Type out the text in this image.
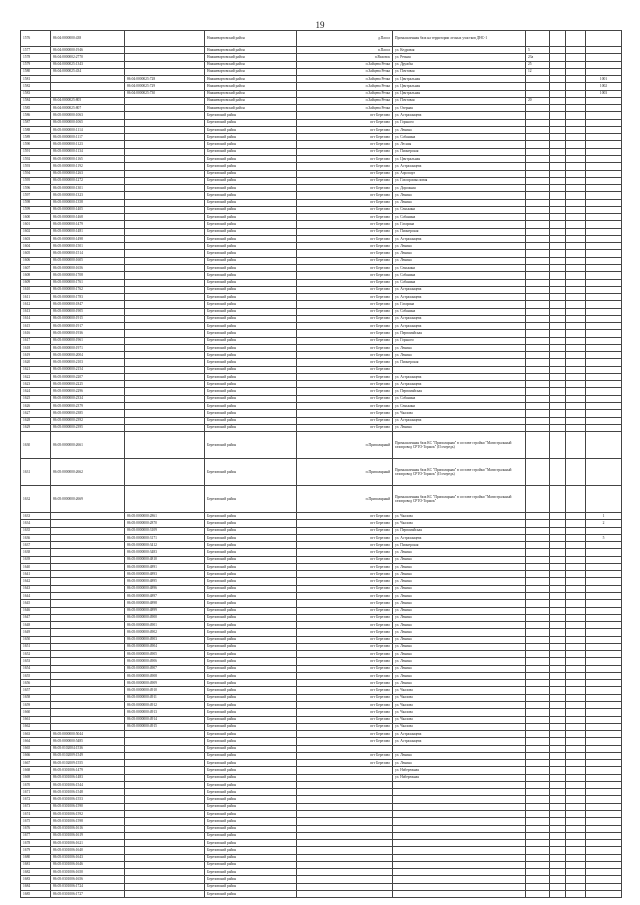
19
1576	86:04:0000000:438		Нижневартовский район	д.Пасол	Промышленная база на территории лесных участков ДНС-1				
1577	86:04:0000000:1946		Нижневартовский район	п.Пасол	ул. Кедровая	5			
1578	86:04:0000002:2770		Нижневартовский район	п.Ваховск	ул. Речная	23а			
1579	86:04:0000025:1343		Нижневартовский район	п.Зайцева Речка	ул. Дружбы	25			
1580	86:04:0000025:434		Нижневартовский район	п.Зайцева Речка	ул. Почтовая	12			
1581		86:04:0000025:728	Нижневартовский район	п.Зайцева Речка	ул. Центральная				1001
1582		86:04:0000025:729	Нижневартовский район	п.Зайцева Речка	ул. Центральная				1002
1583		86:04:0000025:730	Нижневартовский район	п.Зайцева Речка	ул. Центральная				1003
1584	86:04:0000025:805		Нижневартовский район	п.Зайцева Речка	ул. Почтовая	20			
1585	86:04:0000025:807		Нижневартовский район	п.Зайцева Речка	ул. Озерная				
1586	86:05:0000000:1063		Березовский район	пгт Березово	ул. Астраханцева				
1587	86:05:0000000:1065		Березовский район	пгт Березово	ул. Горького				
1588	86:05:0000000:1114		Березовский район	пгт Березово	ул. Ленина				
1589	86:05:0000000:1117		Березовский район	пгт Березово	ул. Собянина				
1590	86:05:0000000:1123		Березовский район	пгт Березово	ул. Лесная				
1591	86:05:0000000:1134		Березовский район	пгт Березово	ул. Пионерская				
1592	86:05:0000000:1165		Березовский район	пгт Березово	ул. Центральная				
1593	86:05:0000000:1192		Березовский район	пгт Березово	ул. Астраханцева				
1594	86:05:0000000:1263		Березовский район	пгт Березово	ул. Аэропорт				
1595	86:05:0000000:1272		Березовский район	пгт Березово	ул. Газопромысловая				
1596	86:05:0000000:1301		Березовский район	пгт Березово	ул. Дорожная				
1597	86:05:0000000:1323		Березовский район	пгт Березово	ул. Ленина				
1598	86:05:0000000:1358		Березовский район	пгт Березово	ул. Ленина				
1599	86:05:0000000:1405		Березовский район	пгт Березово	ул. Сенькина				
1600	86:05:0000000:1468		Березовский район	пгт Березово	ул. Собянина				
1601	86:05:0000000:1479		Березовский район	пгт Березово	ул. Гагарина				
1602	86:05:0000000:1481		Березовский район	пгт Березово	ул. Пионерская				
1603	86:05:0000000:1498		Березовский район	пгт Березово	ул. Астраханцева				
1604	86:05:0000000:1501		Березовский район	пгт Березово	ул. Ленина				
1605	86:05:0000000:1514		Березовский район	пгт Березово	ул. Ленина				
1606	86:05:0000000:1605		Березовский район	пгт Березово	ул. Ленина				
1607	86:05:0000000:1656		Березовский район	пгт Березово	ул. Сенькина				
1608	86:05:0000000:1708		Березовский район	пгт Березово	ул. Собянина				
1609	86:05:0000000:1761		Березовский район	пгт Березово	ул. Собянина				
1610	86:05:0000000:1762		Березовский район	пгт Березово	ул. Астраханцева				
1611	86:05:0000000:1783		Березовский район	пгт Березово	ул. Астраханцева				
1612	86:05:0000000:1847		Березовский район	пгт Березово	ул. Гагарина				
1613	86:05:0000000:1905		Березовский район	пгт Березово	ул. Собянина				
1614	86:05:0000000:1915		Березовский район	пгт Березово	ул. Астраханцева				
1615	86:05:0000000:1917		Березовский район	пгт Березово	ул. Астраханцева				
1616	86:05:0000000:1936		Березовский район	пгт Березово	ул. Первомайская				
1617	86:05:0000000:1961		Березовский район	пгт Березово	ул. Горького				
1618	86:05:0000000:1971		Березовский район	пгт Березово	ул. Ленина				
1619	86:05:0000000:2004		Березовский район	пгт Березово	ул. Ленина				
1620	86:05:0000000:2103		Березовский район	пгт Березово	ул. Пионерская				
1621	86:05:0000000:2154		Березовский район	пгт Березово					
1622	86:05:0000000:2207		Березовский район	пгт Березово	ул. Астраханцева				
1623	86:05:0000000:2225		Березовский район	пгт Березово	ул. Астраханцева				
1624	86:05:0000000:2296		Березовский район	пгт Березово	ул. Первомайская				
1625	86:05:0000000:2334		Березовский район	пгт Березово	ул. Собянина				
1626	86:05:0000000:2379		Березовский район	пгт Березово	ул. Сенькина				
1627	86:05:0000000:2385		Березовский район	пгт Березово	ул. Чкалова				
1628	86:05:0000000:2392		Березовский район	пгт Березово	ул. Астраханцева				
1629	86:05:0000000:2395		Березовский район	пгт Березово	ул. Ленина				
1630	86:05:0000000:2661		Березовский район	п.Приполярный	Промышленная база КС "Приполярная" в составе стройки "Магистральный газопровод СРТО-Торжок" (II очередь)				
1631	86:05:0000000:2662		Березовский район	п.Приполярный	Промышленная база КС "Приполярная" в составе стройки "Магистральный газопровод СРТО-Торжок" (II очередь)				
1632	86:05:0000000:2669		Березовский район	п.Приполярный	Промышленная база КС "Приполярная" в составе стройки "Магистральный газопровод СРТО-Торжок"				
1633		86:05:0000000:2861	Березовский район	пгт Березово	ул. Чкалова				1
1634		86:05:0000000:2870	Березовский район	пгт Березово	ул. Чкалова				2
1635		86:05:0000000:3109	Березовский район	пгт Березово	ул. Первомайская				
1636		86:05:0000000:3171	Березовский район	пгт Березово	ул. Астраханцева				5
1637		86:05:0000000:3412	Березовский район	пгт Березово	ул. Пионерская				
1638		86:05:0000000:3483	Березовский район	пгт Березово	ул. Ленина				
1639		86:05:0000000:4810	Березовский район	пгт Березово	ул. Ленина				
1640		86:05:0000000:4891	Березовский район	пгт Березово	ул. Ленина				
1641		86:05:0000000:4893	Березовский район	пгт Березово	ул. Ленина				
1642		86:05:0000000:4895	Березовский район	пгт Березово	ул. Ленина				
1643		86:05:0000000:4896	Березовский район	пгт Березово	ул. Ленина				
1644		86:05:0000000:4897	Березовский район	пгт Березово	ул. Ленина				
1645		86:05:0000000:4898	Березовский район	пгт Березово	ул. Ленина				
1646		86:05:0000000:4899	Березовский район	пгт Березово	ул. Ленина				
1647		86:05:0000000:4900	Березовский район	пгт Березово	ул. Ленина				
1648		86:05:0000000:4901	Березовский район	пгт Березово	ул. Ленина				
1649		86:05:0000000:4902	Березовский район	пгт Березово	ул. Ленина				
1650		86:05:0000000:4903	Березовский район	пгт Березово	ул. Ленина				
1651		86:05:0000000:4904	Березовский район	пгт Березово	ул. Ленина				
1652		86:05:0000000:4905	Березовский район	пгт Березово	ул. Ленина				
1653		86:05:0000000:4906	Березовский район	пгт Березово	ул. Ленина				
1654		86:05:0000000:4907	Березовский район	пгт Березово	ул. Ленина				
1655		86:05:0000000:4908	Березовский район	пгт Березово	ул. Ленина				
1656		86:05:0000000:4909	Березовский район	пгт Березово	ул. Ленина				
1657		86:05:0000000:4910	Березовский район	пгт Березово	ул. Чкалова				
1658		86:05:0000000:4911	Березовский район	пгт Березово	ул. Чкалова				
1659		86:05:0000000:4912	Березовский район	пгт Березово	ул. Чкалова				
1660		86:05:0000000:4913	Березовский район	пгт Березово	ул. Чкалова				
1661		86:05:0000000:4914	Березовский район	пгт Березово	ул. Чкалова				
1662		86:05:0000000:4915	Березовский район	пгт Березово	ул. Чкалова				
1663	86:05:0000000:5044		Березовский район	пгт Березово	ул. Астраханцева				
1664	86:05:0000000:5485		Березовский район	пгт Березово	ул. Астраханцева				
1665	86:05:0102004:1536		Березовский район						
1666	86:05:0102009:1549		Березовский район	пгт Березово	ул. Ленина				
1667	86:05:0102009:1555		Березовский район	пгт Березово	ул. Ленина				
1668	86:05:0301006:1479		Березовский район		ул. Набережная				
1669	86:05:0301006:1483		Березовский район		ул. Набережная				
1670	86:05:0301006:1544		Березовский район						
1671	86:05:0301006:1548		Березовский район						
1672	86:05:0301006:1553		Березовский район						
1673	86:05:0301006:1590		Березовский район						
1674	86:05:0301006:1592		Березовский район						
1675	86:05:0301006:1598		Березовский район						
1676	86:05:0301006:1616		Березовский район						
1677	86:05:0301006:1619		Березовский район						
1678	86:05:0301006:1621		Березовский район						
1679	86:05:0301006:1640		Березовский район						
1680	86:05:0301006:1643		Березовский район						
1681	86:05:0301006:1646		Березовский район						
1682	86:05:0301006:1650		Березовский район						
1683	86:05:0301006:1656		Березовский район						
1684	86:05:0301006:1724		Березовский район						
1685	86:05:0301006:1727		Березовский район						
